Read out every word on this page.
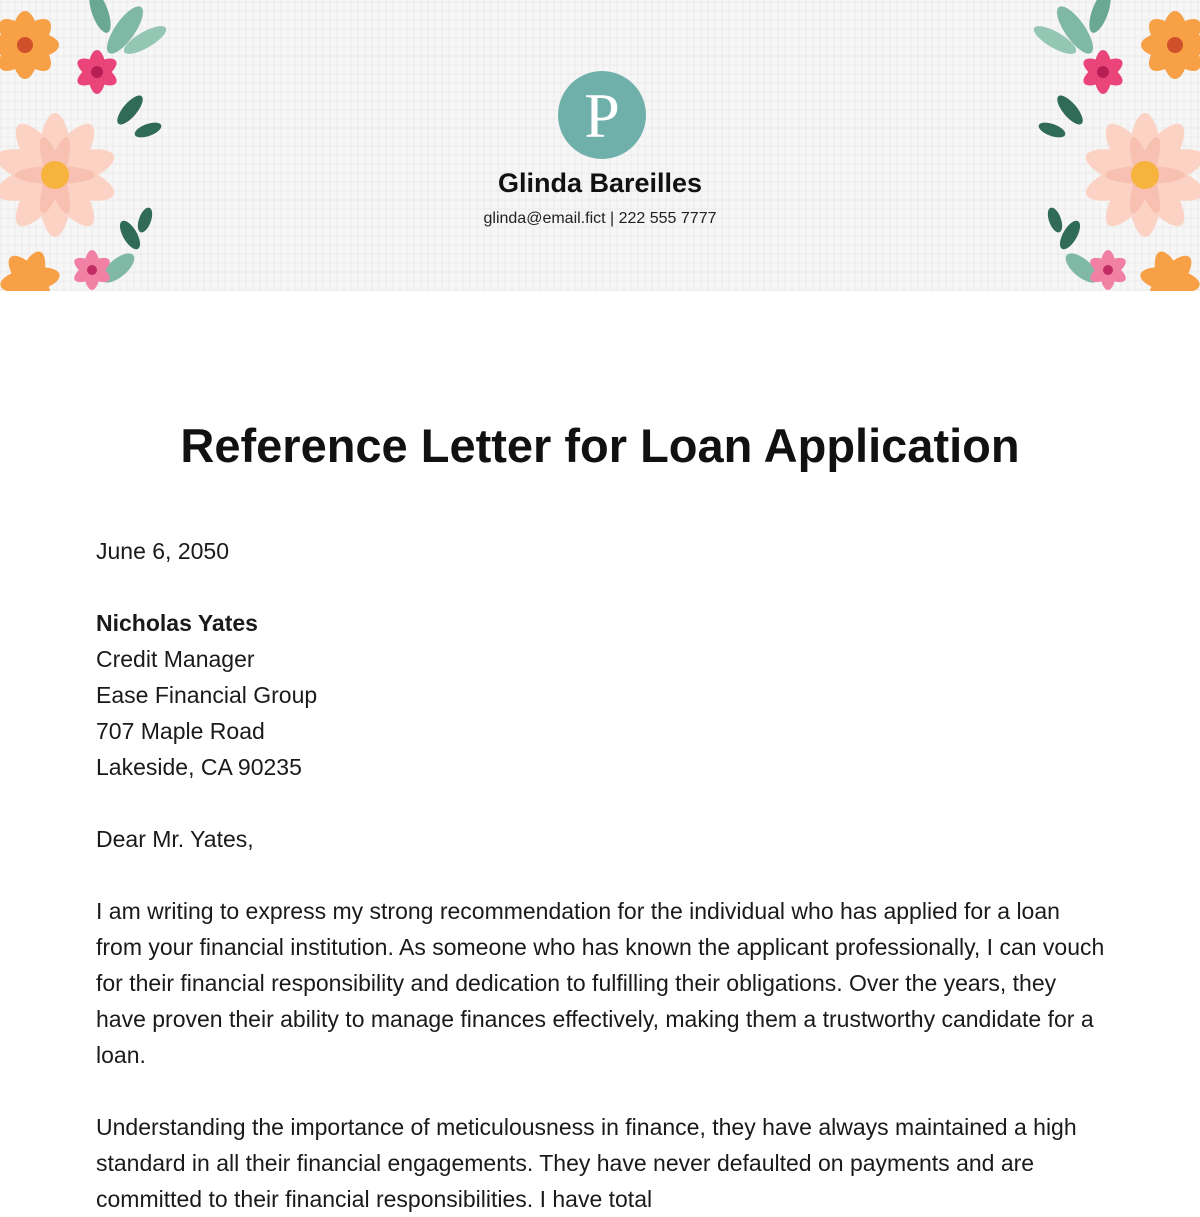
P
Glinda Bareilles
glinda@email.fict | 222 555 7777
Reference Letter for Loan Application

June 6, 2050

Nicholas Yates
Credit Manager
Ease Financial Group
707 Maple Road
Lakeside, CA 90235

Dear Mr. Yates,

I am writing to express my strong recommendation for the individual who has applied for a loan from your financial institution. As someone who has known the applicant professionally, I can vouch for their financial responsibility and dedication to fulfilling their obligations. Over the years, they have proven their ability to manage finances effectively, making them a trustworthy candidate for a loan.

Understanding the importance of meticulousness in finance, they have always maintained a high standard in all their financial engagements. They have never defaulted on payments and are committed to their financial responsibilities. I have total
